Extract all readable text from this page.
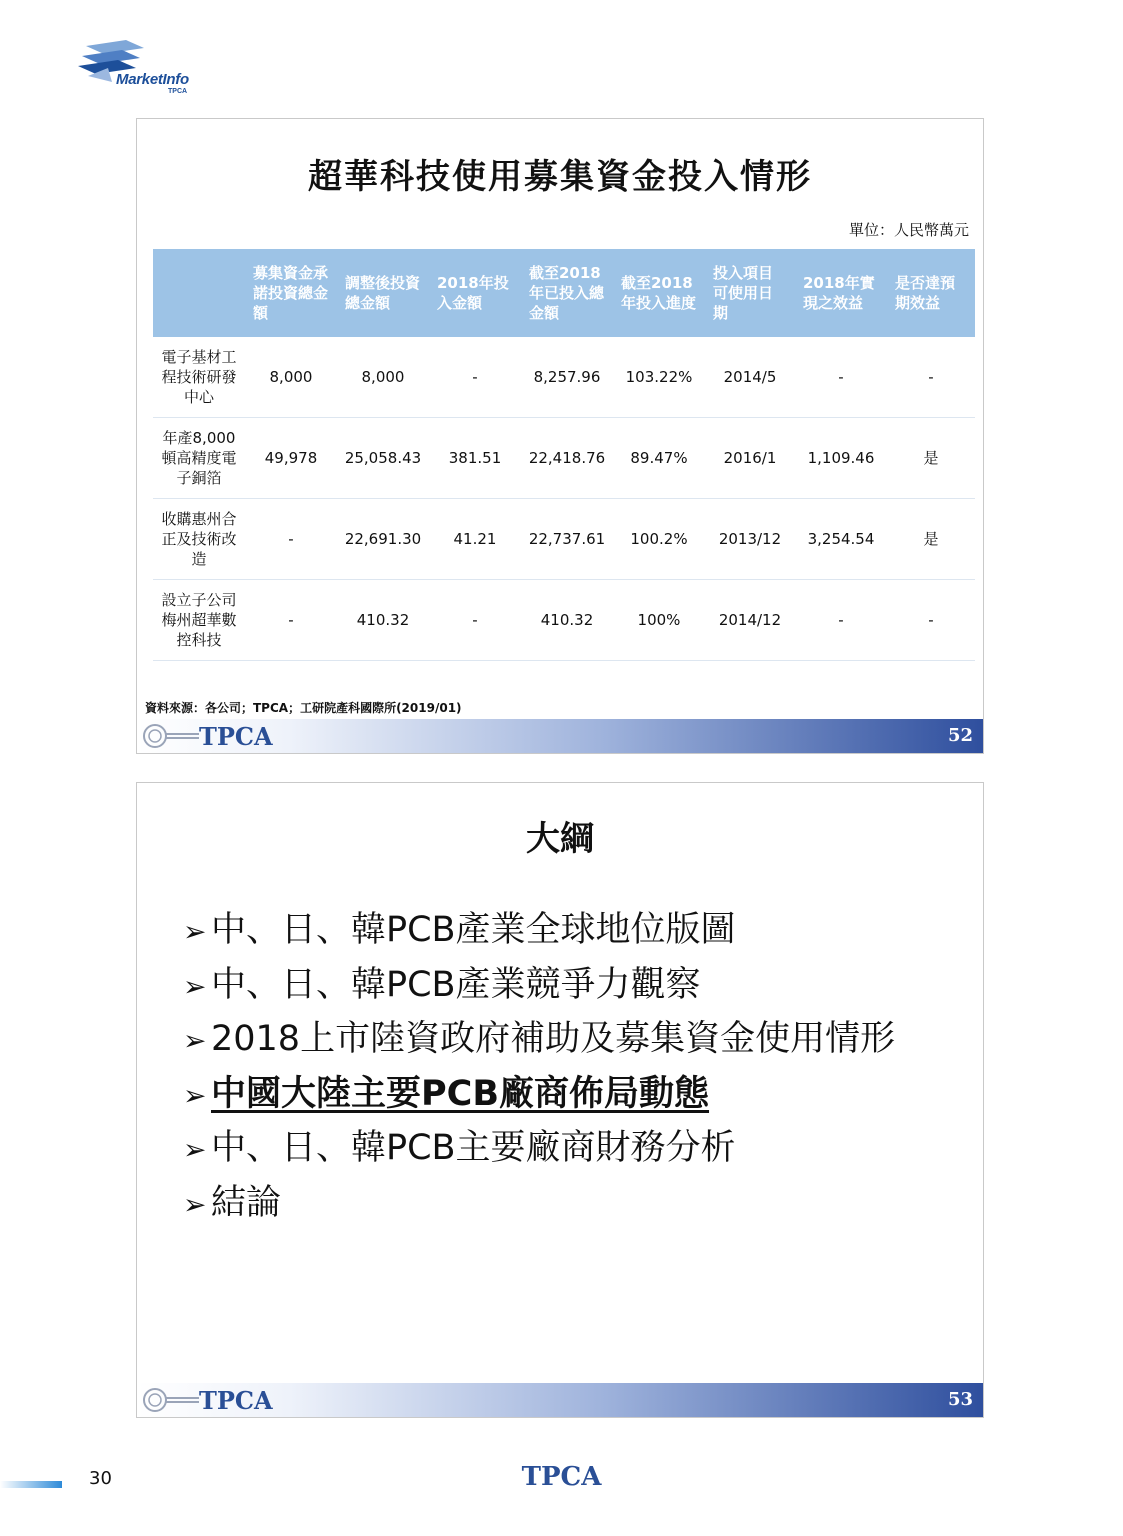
MarketInfo
TPCA
超華科技使用募集資金投入情形
單位：人民幣萬元
	募集資金承諾投資總金額	調整後投資總金額	2018年投入金額	截至2018年已投入總金額	截至2018年投入進度	投入項目可使用日期	2018年實現之效益	是否達預期效益
電子基材工程技術研發中心	8,000	8,000	-	8,257.96	103.22%	2014/5	-	-
年產8,000頓高精度電子銅箔	49,978	25,058.43	381.51	22,418.76	89.47%	2016/1	1,109.46	是
收購惠州合正及技術改造	-	22,691.30	41.21	22,737.61	100.2%	2013/12	3,254.54	是
設立子公司梅州超華數控科技	-	410.32	-	410.32	100%	2014/12	-	-
資料來源：各公司；TPCA；工研院產科國際所(2019/01)
TPCA	52
大綱
➢ 中、日、韓PCB產業全球地位版圖
➢ 中、日、韓PCB產業競爭力觀察
➢ 2018上市陸資政府補助及募集資金使用情形
➢ 中國大陸主要PCB廠商佈局動態
➢ 中、日、韓PCB主要廠商財務分析
➢ 結論
TPCA	53
30	TPCA
